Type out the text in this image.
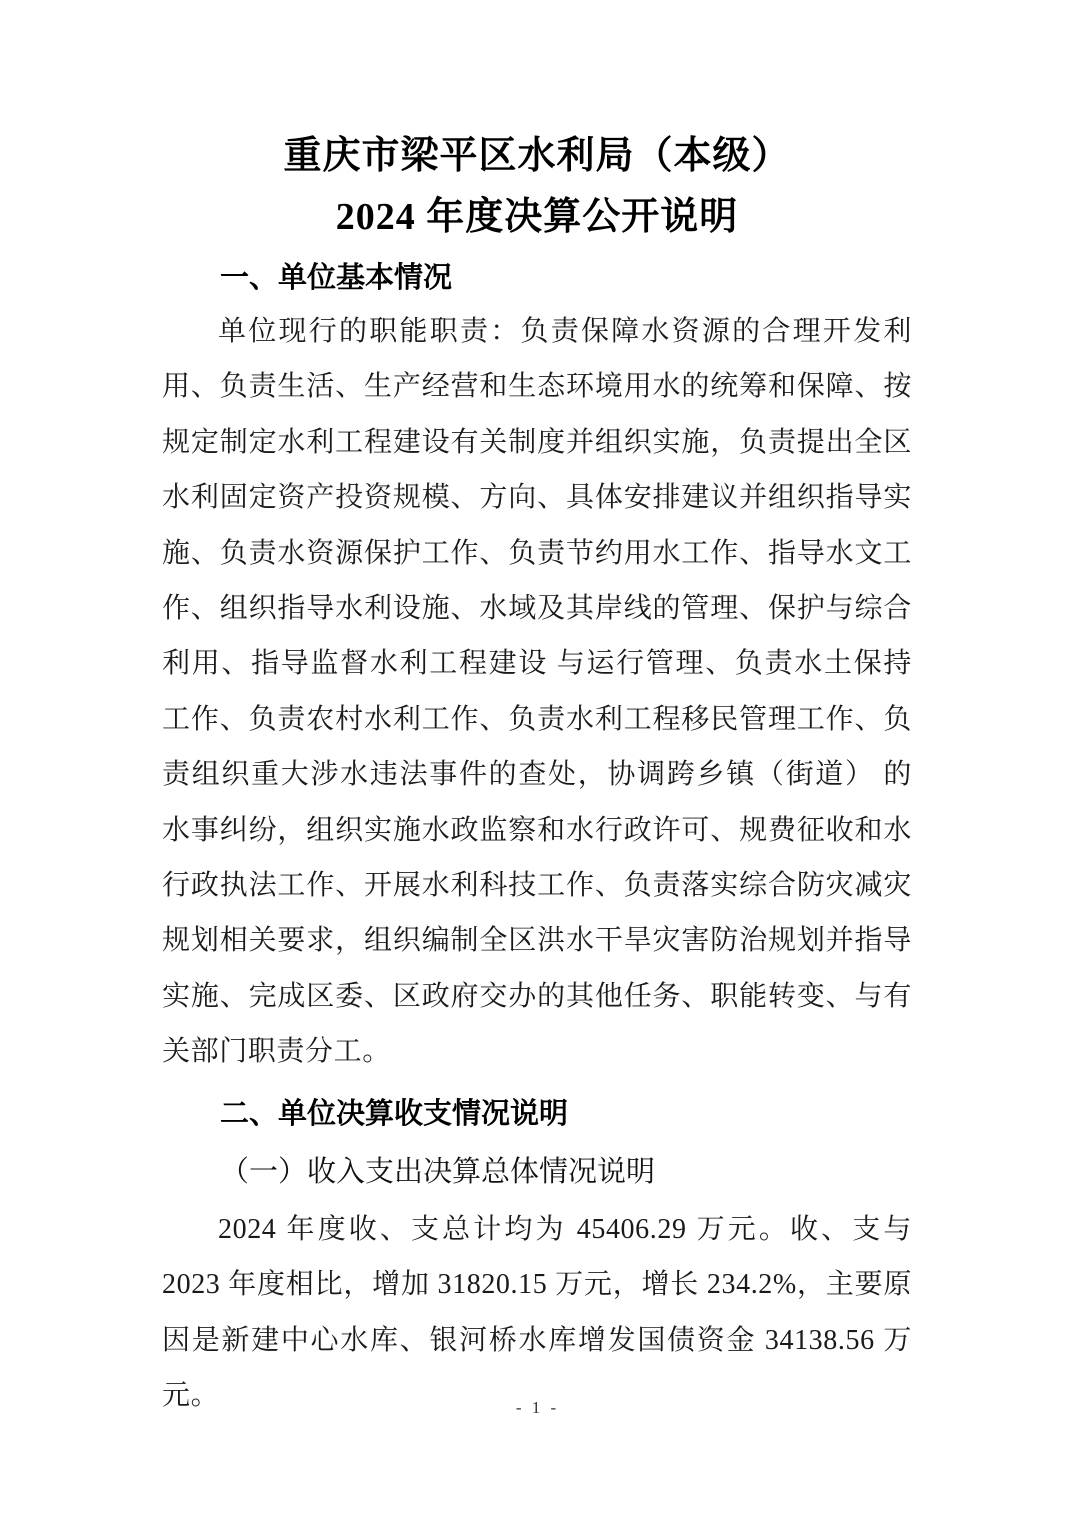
重庆市梁平区水利局（本级）
2024 年度决算公开说明
一、单位基本情况

单位现行的职能职责：负责保障水资源的合理开发利用、负责生活、生产经营和生态环境用水的统筹和保障、按规定制定水利工程建设有关制度并组织实施，负责提出全区水利固定资产投资规模、方向、具体安排建议并组织指导实施、负责水资源保护工作、负责节约用水工作、指导水文工作、组织指导水利设施、水域及其岸线的管理、保护与综合利用、指导监督水利工程建设 与运行管理、负责水土保持工作、负责农村水利工作、负责水利工程移民管理工作、负责组织重大涉水违法事件的查处，协调跨乡镇（街道） 的水事纠纷，组织实施水政监察和水行政许可、规费征收和水行政执法工作、开展水利科技工作、负责落实综合防灾减灾规划相关要求，组织编制全区洪水干旱灾害防治规划并指导实施、完成区委、区政府交办的其他任务、职能转变、与有关部门职责分工。

二、单位决算收支情况说明
（一）收入支出决算总体情况说明

2024 年度收、支总计均为 45406.29 万元。收、支与 2023 年度相比，增加 31820.15 万元，增长 234.2%，主要原因是新建中心水库、银河桥水库增发国债资金 34138.56 万元。	- 1 -
